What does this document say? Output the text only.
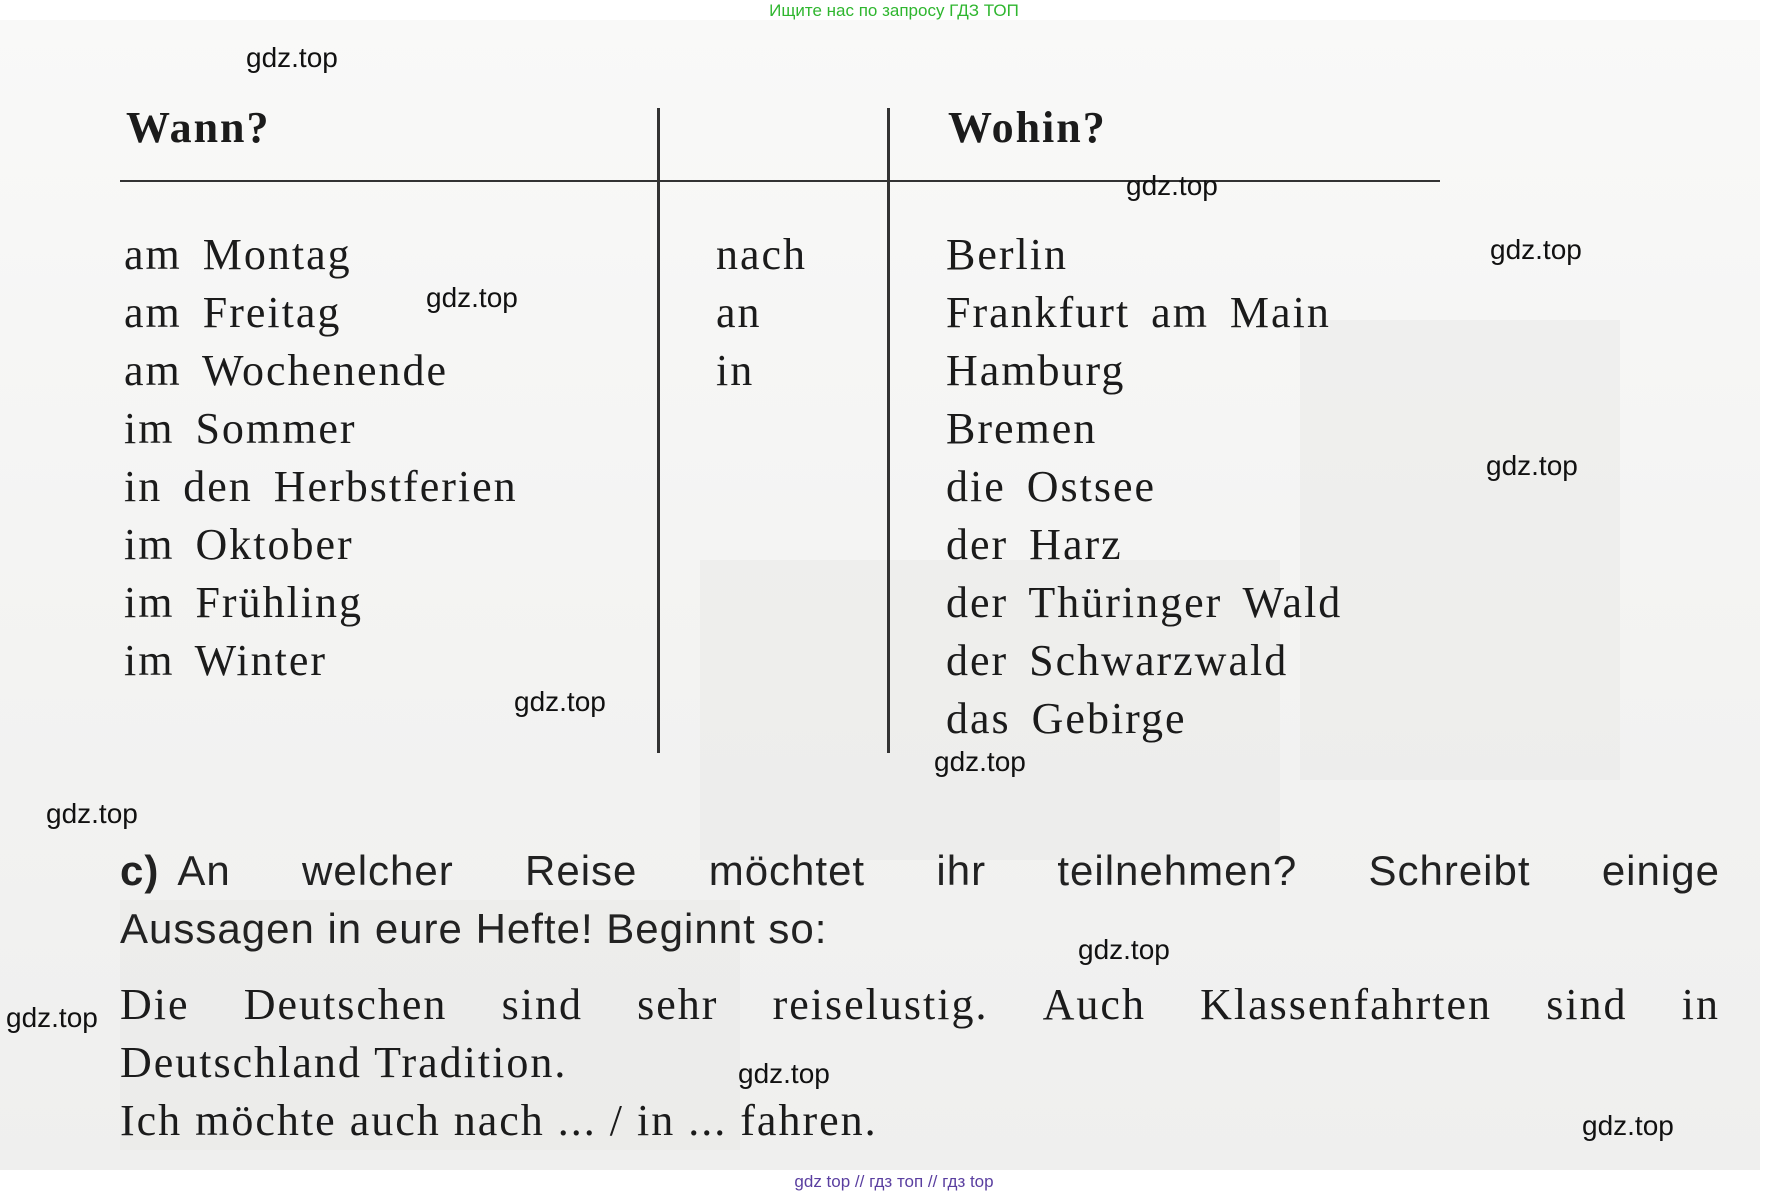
Ищите нас по запросу ГДЗ ТОП
Wann?	Wohin?
am Montag
am Freitag
am Wochenende
im Sommer
in den Herbstferien
im Oktober
im Frühling
im Winter
nach
an
in
Berlin
Frankfurt am Main
Hamburg
Bremen
die Ostsee
der Harz
der Thüringer Wald
der Schwarzwald
das Gebirge
c) An welcher Reise möchtet ihr teilnehmen? Schreibt einige
Aussagen in eure Hefte! Beginnt so:
Die Deutschen sind sehr reiselustig. Auch Klassenfahrten sind in
Deutschland Tradition.
Ich möchte auch nach ... / in ... fahren.
gdz.top
gdz.top
gdz.top
gdz.top
gdz.top
gdz.top
gdz.top
gdz.top
gdz.top
gdz.top
gdz.top
gdz.top
gdz top // гдз топ // гдз top
